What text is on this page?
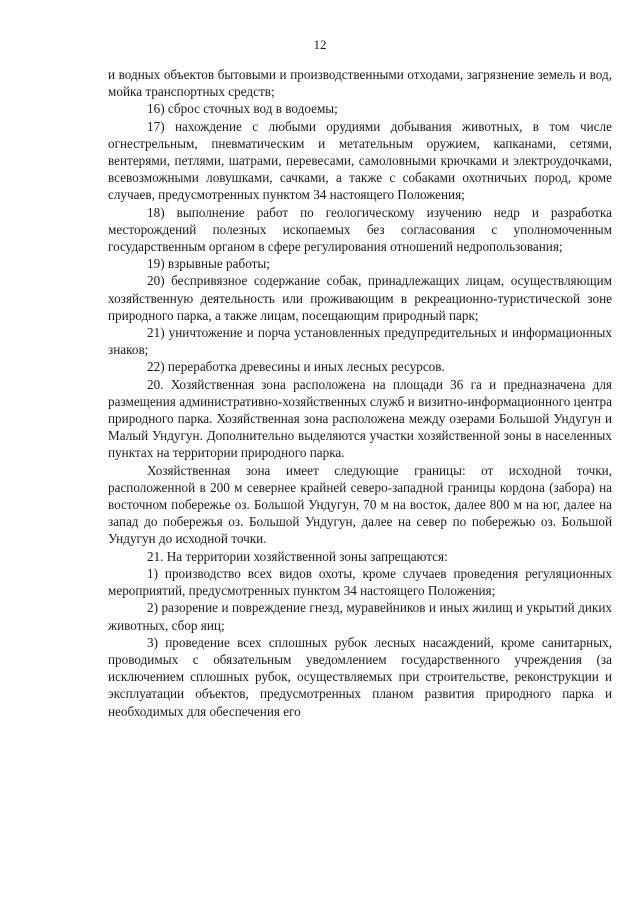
12

и водных объектов бытовыми и производственными отходами, загрязнение земель и вод, мойка транспортных средств;

16) сброс сточных вод в водоемы;

17) нахождение с любыми орудиями добывания животных, в том числе огнестрельным, пневматическим и метательным оружием, капканами, сетями, вентерями, петлями, шатрами, перевесами, самоловными крючками и электроудочками, всевозможными ловушками, сачками, а также с собаками охотничьих пород, кроме случаев, предусмотренных пунктом 34 настоящего Положения;

18) выполнение работ по геологическому изучению недр и разработка месторождений полезных ископаемых без согласования с уполномоченным государственным органом в сфере регулирования отношений недропользования;

19) взрывные работы;

20) беспривязное содержание собак, принадлежащих лицам, осуществляющим хозяйственную деятельность или проживающим в рекреационно-туристической зоне природного парка, а также лицам, посещающим природный парк;

21) уничтожение и порча установленных предупредительных и информационных знаков;

22) переработка древесины и иных лесных ресурсов.

20. Хозяйственная зона расположена на площади 36 га и предназначена для размещения административно-хозяйственных служб и визитно-информационного центра природного парка. Хозяйственная зона расположена между озерами Большой Ундугун и Малый Ундугун. Дополнительно выделяются участки хозяйственной зоны в населенных пунктах на территории природного парка.

Хозяйственная зона имеет следующие границы: от исходной точки, расположенной в 200 м севернее крайней северо-западной границы кордона (забора) на восточном побережье оз. Большой Ундугун, 70 м на восток, далее 800 м на юг, далее на запад до побережья оз. Большой Ундугун, далее на север по побережью оз. Большой Ундугун до исходной точки.

21. На территории хозяйственной зоны запрещаются:

1) производство всех видов охоты, кроме случаев проведения регуляционных мероприятий, предусмотренных пунктом 34 настоящего Положения;

2) разорение и повреждение гнезд, муравейников и иных жилищ и укрытий диких животных, сбор яиц;

3) проведение всех сплошных рубок лесных насаждений, кроме санитарных, проводимых с обязательным уведомлением государственного учреждения (за исключением сплошных рубок, осуществляемых при строительстве, реконструкции и эксплуатации объектов, предусмотренных планом развития природного парка и необходимых для обеспечения его
